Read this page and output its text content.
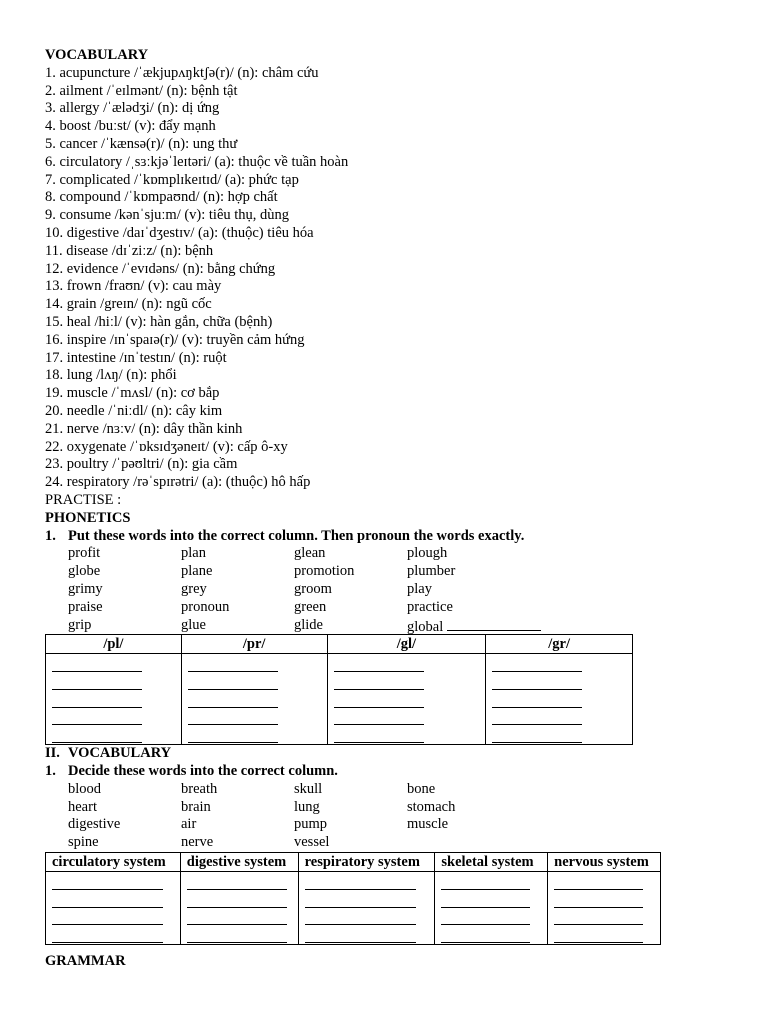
VOCABULARY
1. acupuncture /ˈækjupʌŋktʃə(r)/ (n): châm cứu
2. ailment /ˈeɪlmənt/ (n): bệnh tật
3. allergy /ˈælədʒi/ (n): dị ứng
4. boost /buːst/ (v): đẩy mạnh
5. cancer /ˈkænsə(r)/ (n): ung thư
6. circulatory /ˌsɜːkjəˈleɪtəri/ (a): thuộc về tuần hoàn
7. complicated /ˈkɒmplɪkeɪtɪd/ (a): phức tạp
8. compound /ˈkɒmpaʊnd/ (n): hợp chất
9. consume /kənˈsjuːm/ (v): tiêu thụ, dùng
10. digestive /daɪˈdʒestɪv/ (a): (thuộc) tiêu hóa
11. disease /dɪˈziːz/ (n): bệnh
12. evidence /ˈevɪdəns/ (n): bằng chứng
13. frown /fraʊn/ (v): cau mày
14. grain /greɪn/ (n): ngũ cốc
15. heal /hiːl/ (v): hàn gắn, chữa (bệnh)
16. inspire /ɪnˈspaɪə(r)/ (v): truyền cảm hứng
17. intestine /ɪnˈtestɪn/ (n): ruột
18. lung /lʌŋ/ (n): phổi
19. muscle /ˈmʌsl/ (n): cơ bắp
20. needle /ˈniːdl/ (n): cây kim
21. nerve /nɜːv/ (n): dây thần kinh
22. oxygenate /ˈɒksɪdʒəneɪt/ (v): cấp ô-xy
23. poultry /ˈpəʊltri/ (n): gia cầm
24. respiratory /rəˈspɪrətri/ (a): (thuộc) hô hấp
PRACTISE :
PHONETICS
1. Put these words into the correct column. Then pronoun the words exactly.
profit	plan	glean	plough
globe	plane	promotion	plumber
grimy	grey	groom	play
praise	pronoun	green	practice
grip	glue	glide	global
/pl/	/pr/	/gl/	/gr/

II. VOCABULARY
1. Decide these words into the correct column.
blood	breath	skull	bone
heart	brain	lung	stomach
digestive	air	pump	muscle
spine	nerve	vessel
circulatory system	digestive system	respiratory system	skeletal system	nervous system

GRAMMAR
